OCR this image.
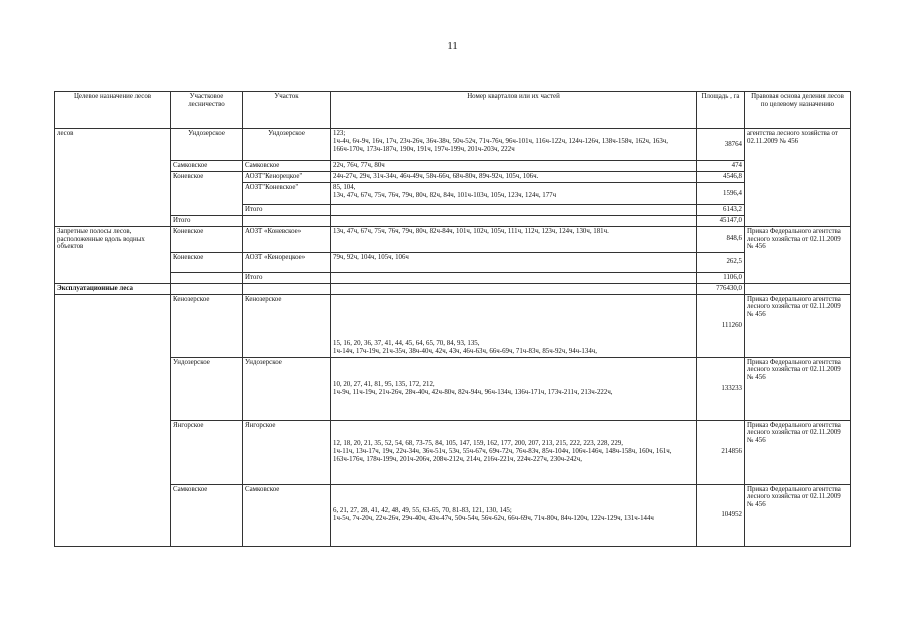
11
Целевое назначение лесов	Участковое лесничество	Участок	Номер кварталов или их частей	Площадь , га	Правовая основа деления лесов по целевому назначению
лесов	Ундозерское	Ундозерское	123;
1ч-4ч, 6ч-9ч, 16ч, 17ч, 23ч-26ч, 36ч-38ч, 50ч-52ч, 71ч-76ч, 96ч-101ч, 116ч-122ч, 124ч-126ч, 138ч-158ч, 162ч, 163ч, 166ч-170ч, 173ч-187ч, 190ч, 191ч, 197ч-199ч, 201ч-203ч, 222ч	38764	агентства лесного хозяйства от 02.11.2009 № 456
	Самковское	Самковское	22ч, 76ч, 77ч, 80ч	474	
	Коневское	АОЗТ"Кенорецкое"	24ч-27ч, 29ч, 31ч-34ч, 46ч-49ч, 58ч-66ч, 68ч-80ч, 89ч-92ч, 105ч, 106ч.	4546,8	
		АОЗТ"Коневское"	85, 104,
13ч, 47ч, 67ч, 75ч, 76ч, 79ч, 80ч, 82ч, 84ч, 101ч-103ч, 105ч, 123ч, 124ч, 177ч	1596,4	
		Итого		6143,2	
	Итого			45147,0	
Запретные полосы лесов, расположенные вдоль водных объектов	Коневское	АОЗТ «Коневское»	13ч, 47ч, 67ч, 75ч, 76ч, 79ч, 80ч, 82ч-84ч, 101ч, 102ч, 105ч, 111ч, 112ч, 123ч, 124ч, 130ч, 181ч.	848,6	Приказ Федерального агентства лесного хозяйства от 02.11.2009 № 456
	Коневское	АОЗТ «Кенорецкое»	79ч, 92ч, 104ч, 105ч, 106ч	262,5	
		Итого		1106,0	
Эксплуатационные леса				776430,0	
	Кенозерское	Кенозерское	15, 16, 20, 36, 37, 41, 44, 45, 64, 65, 70, 84, 93, 135,
1ч-14ч, 17ч-19ч, 21ч-35ч, 38ч-40ч, 42ч, 43ч, 46ч-63ч, 66ч-69ч, 71ч-83ч, 85ч-92ч, 94ч-134ч,	111260	Приказ Федерального агентства лесного хозяйства от 02.11.2009 № 456
	Ундозерское	Ундозерское	10, 20, 27, 41, 81, 95, 135, 172, 212,
1ч-9ч, 11ч-19ч, 21ч-26ч, 28ч-40ч, 42ч-80ч, 82ч-94ч, 96ч-134ч, 136ч-171ч, 173ч-211ч, 213ч-222ч,	133233	Приказ Федерального агентства лесного хозяйства от 02.11.2009 № 456
	Янгорское	Янгорское	12, 18, 20, 21, 35, 52, 54, 68, 73-75, 84, 105, 147, 159, 162, 177, 200, 207, 213, 215, 222, 223, 228, 229,
1ч-11ч, 13ч-17ч, 19ч, 22ч-34ч, 36ч-51ч, 53ч, 55ч-67ч, 69ч-72ч, 76ч-83ч, 85ч-104ч, 106ч-146ч, 148ч-158ч, 160ч, 161ч, 163ч-176ч, 178ч-199ч, 201ч-206ч, 208ч-212ч, 214ч, 216ч-221ч, 224ч-227ч, 230ч-242ч,	214856	Приказ Федерального агентства лесного хозяйства от 02.11.2009 № 456
	Самковское	Самковское	6, 21, 27, 28, 41, 42, 48, 49, 55, 63-65, 70, 81-83, 121, 130, 145;
1ч-5ч, 7ч-20ч, 22ч-26ч, 29ч-40ч, 43ч-47ч, 50ч-54ч, 56ч-62ч, 66ч-69ч, 71ч-80ч, 84ч-120ч, 122ч-129ч, 131ч-144ч	104952	Приказ Федерального агентства лесного хозяйства от 02.11.2009 № 456
